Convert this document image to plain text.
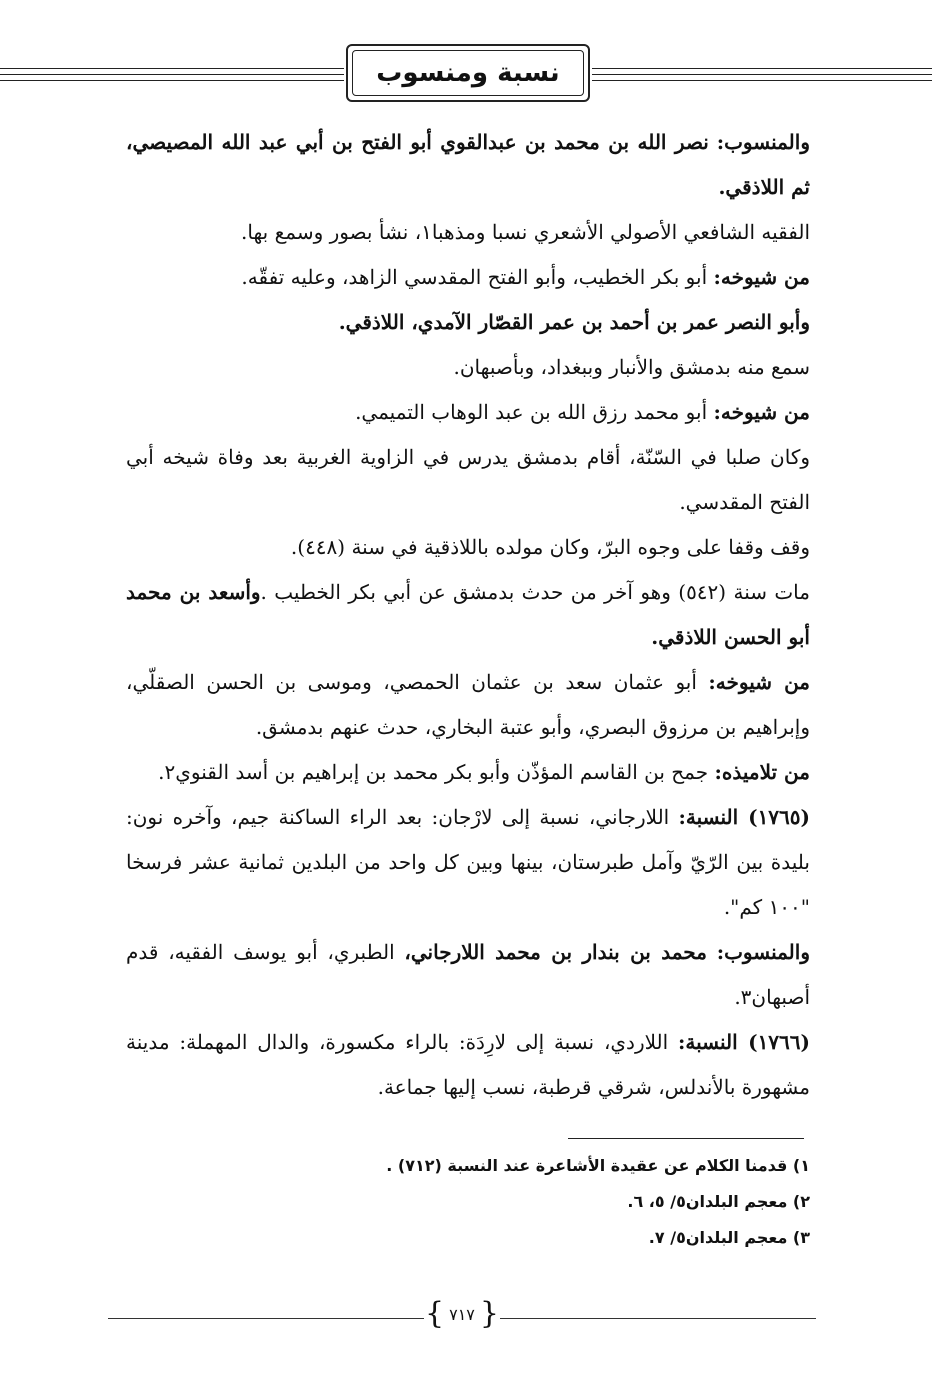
نسبة ومنسوب

والمنسوب: نصر الله بن محمد بن عبدالقوي أبو الفتح بن أبي عبد الله المصيصي، ثم اللاذقي.

الفقيه الشافعي الأصولي الأشعري نسبا ومذهبا١، نشأ بصور وسمع بها.

من شيوخه: أبو بكر الخطيب، وأبو الفتح المقدسي الزاهد، وعليه تفقّه.

وأبو النصر عمر بن أحمد بن عمر القصّار الآمدي، اللاذقي.

سمع منه بدمشق والأنبار وببغداد، وبأصبهان.

من شيوخه: أبو محمد رزق الله بن عبد الوهاب التميمي.

وكان صلبا في السّنّة، أقام بدمشق يدرس في الزاوية الغربية بعد وفاة شيخه أبي الفتح المقدسي.

وقف وقفا على وجوه البرّ، وكان مولده باللاذقية في سنة (٤٤٨).

مات سنة (٥٤٢) وهو آخر من حدث بدمشق عن أبي بكر الخطيب .وأسعد بن محمد أبو الحسن اللاذقي.

من شيوخه: أبو عثمان سعد بن عثمان الحمصي، وموسى بن الحسن الصقلّي، وإبراهيم بن مرزوق البصري، وأبو عتبة البخاري، حدث عنهم بدمشق.

من تلاميذه: جمح بن القاسم المؤذّن وأبو بكر محمد بن إبراهيم بن أسد القنوي٢.

(١٧٦٥) النسبة: اللارجاني، نسبة إلى لارْجان: بعد الراء الساكنة جيم، وآخره نون: بليدة بين الرّيّ وآمل طبرستان، بينها وبين كل واحد من البلدين ثمانية عشر فرسخا "١٠٠ كم".

والمنسوب: محمد بن بندار بن محمد اللارجاني، الطبري، أبو يوسف الفقيه، قدم أصبهان٣.

(١٧٦٦) النسبة: اللاردي، نسبة إلى لارِدَة: بالراء مكسورة، والدال المهملة: مدينة مشهورة بالأندلس، شرقي قرطبة، نسب إليها جماعة.

١) قدمنا الكلام عن عقيدة الأشاعرة عند النسبة (٧١٢) .

٢) معجم البلدان٥/ ٥، ٦.

٣) معجم البلدان٥/ ٧.

{ ٧١٧ }
